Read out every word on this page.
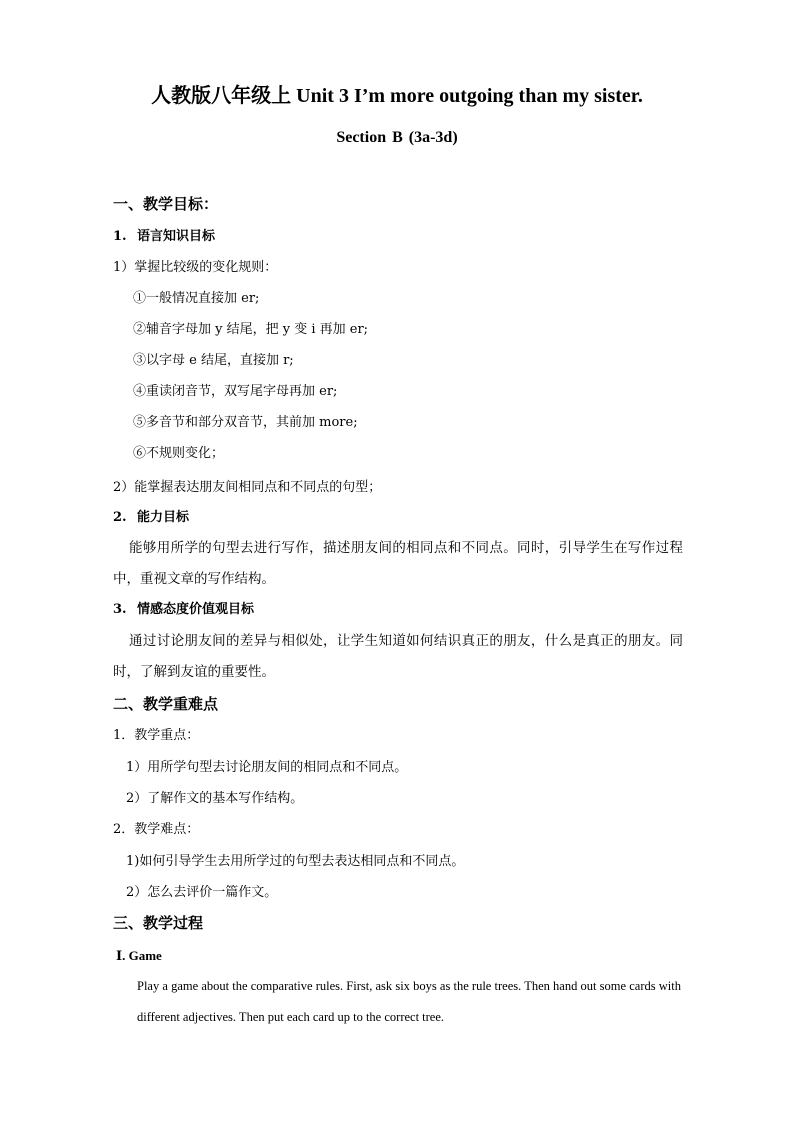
人教版八年级上 Unit 3 I’m more outgoing than my sister.
Section B (3a-3d)
一、教学目标：
1. 语言知识目标
1）掌握比较级的变化规则：
①一般情况直接加 er;
②辅音字母加 y 结尾，把 y 变 i 再加 er;
③以字母 e 结尾，直接加 r;
④重读闭音节，双写尾字母再加 er;
⑤多音节和部分双音节，其前加 more;
⑥不规则变化；
2）能掌握表达朋友间相同点和不同点的句型；
2. 能力目标
能够用所学的句型去进行写作，描述朋友间的相同点和不同点。同时，引导学生在写作过程中，重视文章的写作结构。
3. 情感态度价值观目标
通过讨论朋友间的差异与相似处，让学生知道如何结识真正的朋友，什么是真正的朋友。同时，了解到友谊的重要性。
二、教学重难点
1．教学重点：
1）用所学句型去讨论朋友间的相同点和不同点。
2）了解作文的基本写作结构。
2．教学难点：
1)如何引导学生去用所学过的句型去表达相同点和不同点。
2）怎么去评价一篇作文。
三、教学过程
Ⅰ. Game
Play a game about the comparative rules. First, ask six boys as the rule trees. Then hand out some cards with different adjectives. Then put each card up to the correct tree.
